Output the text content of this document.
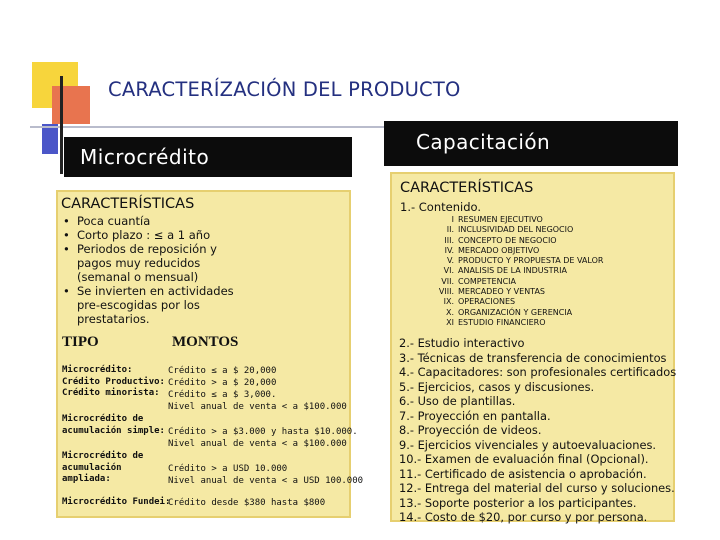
CARACTERÍZACIÓN DEL PRODUCTO
Microcrédito
Capacitación
CARACTERÍSTICAS
• Poca cuantía
• Corto plazo : ≤ a 1 año
• Periodos de reposición y
pagos muy reducidos
(semanal o mensual)
• Se invierten en actividades
pre-escogidas por los
prestatarios.
TIPO	MONTOS
Microcrédito:
Crédito Productivo:
Crédito minorista:
Crédito ≤ a $ 20,000
Crédito > a $ 20,000
Crédito ≤ a $ 3,000.
Nivel anual de venta < a $100.000
Microcrédito de
acumulación simple: Crédito > a $3.000 y hasta $10.000.
Nivel anual de venta < a $100.000
Microcrédito de
acumulación
ampliada:
Crédito > a USD 10.000
Nivel anual de venta < a USD 100.000
Microcrédito Fundei:
Crédito desde $380 hasta $800
CARACTERÍSTICAS
1.- Contenido.
I RESUMEN EJECUTIVO
II. INCLUSIVIDAD DEL NEGOCIO
III. CONCEPTO DE NEGOCIO
IV. MERCADO OBJETIVO
V. PRODUCTO Y PROPUESTA DE VALOR
VI. ANALISIS DE LA INDUSTRIA
VII. COMPETENCIA
VIII. MERCADEO Y VENTAS
IX. OPERACIONES
X. ORGANIZACIÓN Y GERENCIA
XI ESTUDIO FINANCIERO
2.- Estudio interactivo
3.- Técnicas de transferencia de conocimientos
4.- Capacitadores: son profesionales certificados
5.- Ejercicios, casos y discusiones.
6.- Uso de plantillas.
7.- Proyección en pantalla.
8.- Proyección de videos.
9.- Ejercicios vivenciales y autoevaluaciones.
10.- Examen de evaluación final (Opcional).
11.- Certificado de asistencia o aprobación.
12.- Entrega del material del curso y soluciones.
13.- Soporte posterior a los participantes.
14.- Costo de $20, por curso y por persona.
